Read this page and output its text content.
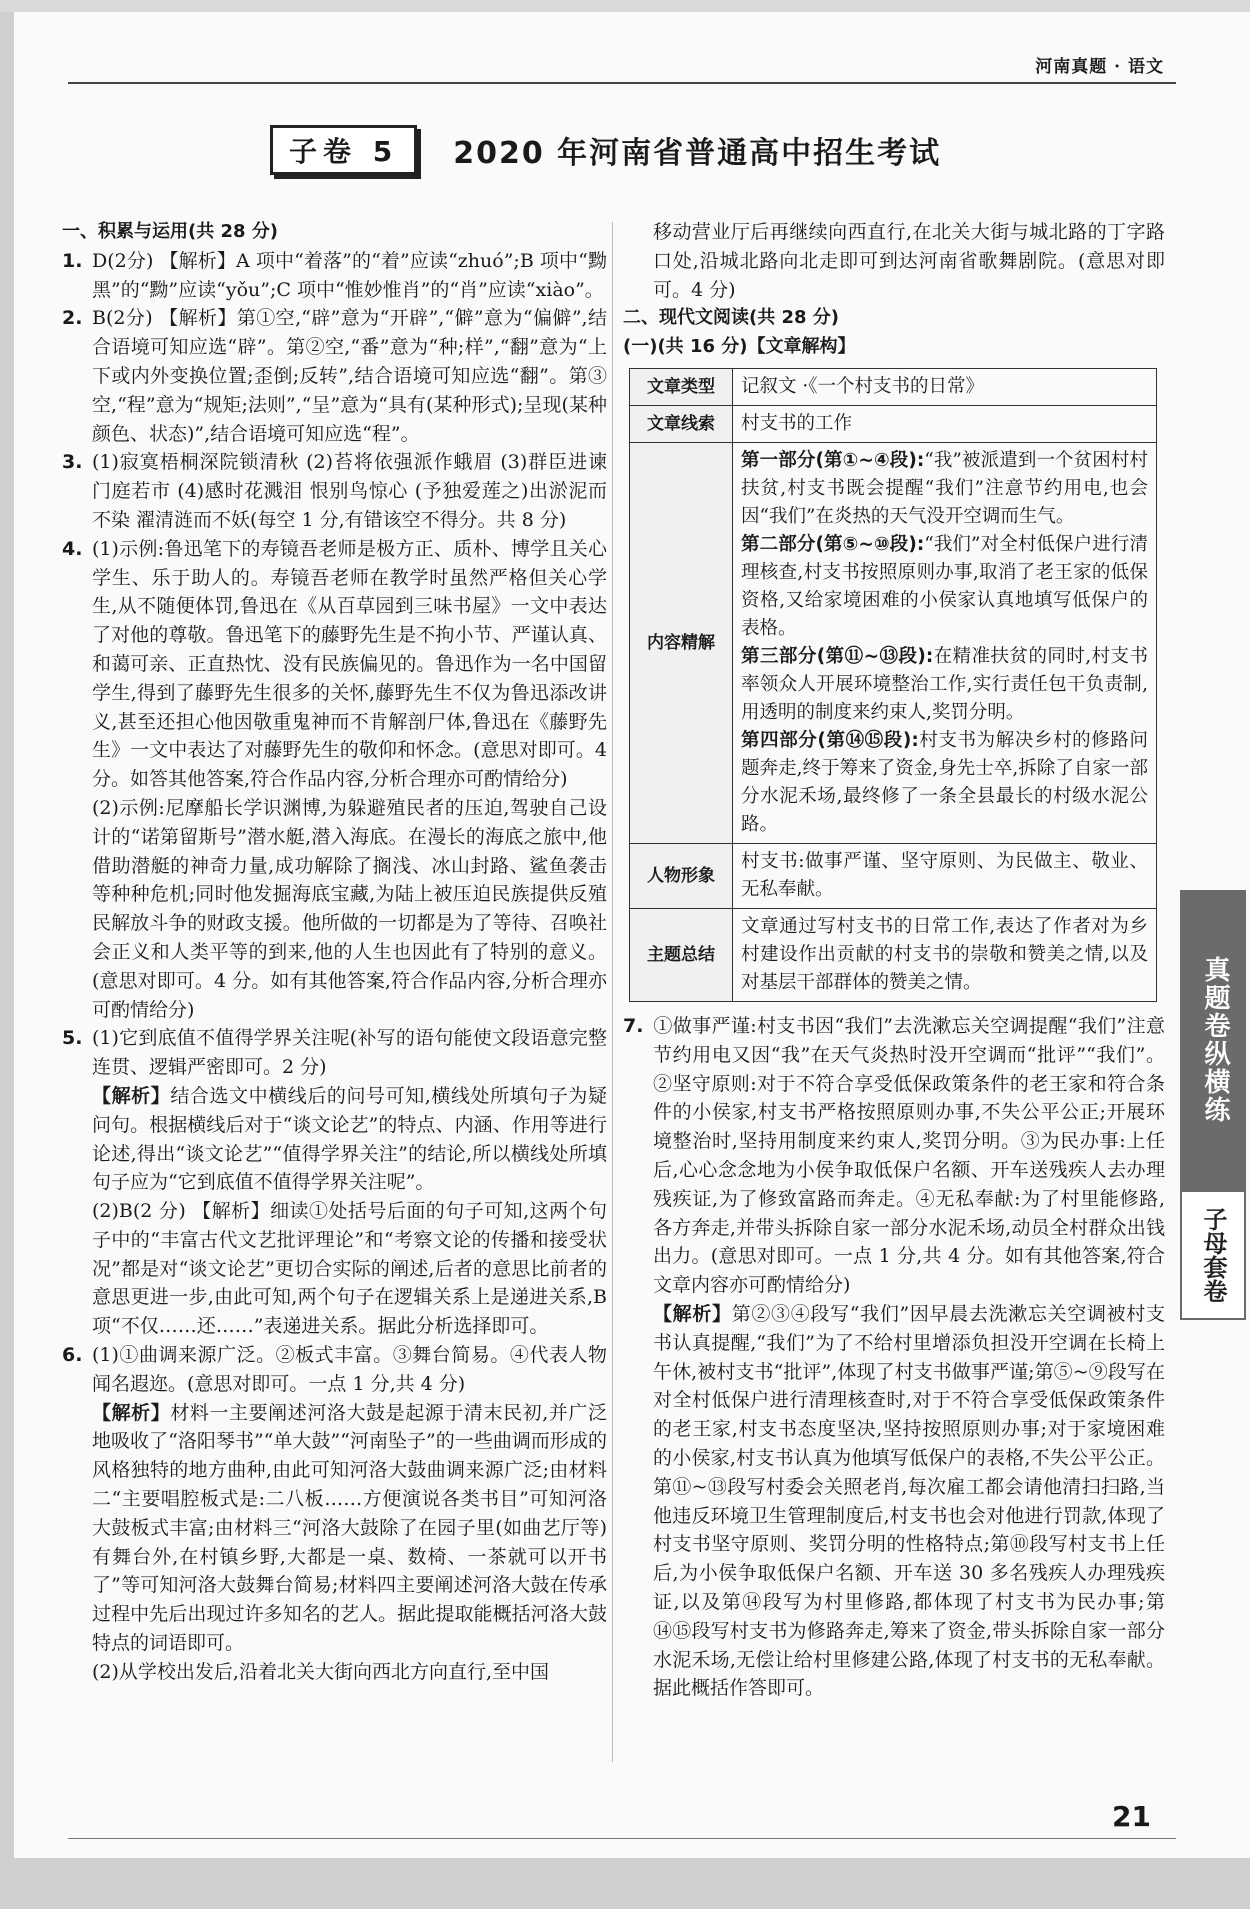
河南真题 · 语文
子卷 5	2020 年河南省普通高中招生考试

一、积累与运用(共 28 分)

1. D(2分) 【解析】A 项中“着落”的“着”应读“zhuó”;B 项中“黝黑”的“黝”应读“yǒu”;C 项中“惟妙惟肖”的“肖”应读“xiào”。

2. B(2分) 【解析】第①空,“辟”意为“开辟”,“僻”意为“偏僻”,结合语境可知应选“辟”。第②空,“番”意为“种;样”,“翻”意为“上下或内外变换位置;歪倒;反转”,结合语境可知应选“翻”。第③空,“程”意为“规矩;法则”,“呈”意为“具有(某种形式);呈现(某种颜色、状态)”,结合语境可知应选“程”。

3. (1)寂寞梧桐深院锁清秋 (2)苔将依强派作蛾眉 (3)群臣进谏 门庭若市 (4)感时花溅泪 恨别鸟惊心 (予独爱莲之)出淤泥而不染 濯清涟而不妖(每空 1 分,有错该空不得分。共 8 分)

4. (1)示例:鲁迅笔下的寿镜吾老师是极方正、质朴、博学且关心学生、乐于助人的。寿镜吾老师在教学时虽然严格但关心学生,从不随便体罚,鲁迅在《从百草园到三味书屋》一文中表达了对他的尊敬。鲁迅笔下的藤野先生是不拘小节、严谨认真、和蔼可亲、正直热忱、没有民族偏见的。鲁迅作为一名中国留学生,得到了藤野先生很多的关怀,藤野先生不仅为鲁迅添改讲义,甚至还担心他因敬重鬼神而不肯解剖尸体,鲁迅在《藤野先生》一文中表达了对藤野先生的敬仰和怀念。(意思对即可。4 分。如答其他答案,符合作品内容,分析合理亦可酌情给分)

(2)示例:尼摩船长学识渊博,为躲避殖民者的压迫,驾驶自己设计的“诺第留斯号”潜水艇,潜入海底。在漫长的海底之旅中,他借助潜艇的神奇力量,成功解除了搁浅、冰山封路、鲨鱼袭击等种种危机;同时他发掘海底宝藏,为陆上被压迫民族提供反殖民解放斗争的财政支援。他所做的一切都是为了等待、召唤社会正义和人类平等的到来,他的人生也因此有了特别的意义。(意思对即可。4 分。如有其他答案,符合作品内容,分析合理亦可酌情给分)

5. (1)它到底值不值得学界关注呢(补写的语句能使文段语意完整连贯、逻辑严密即可。2 分)

【解析】结合选文中横线后的问号可知,横线处所填句子为疑问句。根据横线后对于“谈文论艺”的特点、内涵、作用等进行论述,得出“谈文论艺”“值得学界关注”的结论,所以横线处所填句子应为“它到底值不值得学界关注呢”。

(2)B(2 分) 【解析】细读①处括号后面的句子可知,这两个句子中的“丰富古代文艺批评理论”和“考察文论的传播和接受状况”都是对“谈文论艺”更切合实际的阐述,后者的意思比前者的意思更进一步,由此可知,两个句子在逻辑关系上是递进关系,B 项“不仅……还……”表递进关系。据此分析选择即可。

6. (1)①曲调来源广泛。②板式丰富。③舞台简易。④代表人物闻名遐迩。(意思对即可。一点 1 分,共 4 分)

【解析】材料一主要阐述河洛大鼓是起源于清末民初,并广泛地吸收了“洛阳琴书”“单大鼓”“河南坠子”的一些曲调而形成的风格独特的地方曲种,由此可知河洛大鼓曲调来源广泛;由材料二“主要唱腔板式是:二八板……方便演说各类书目”可知河洛大鼓板式丰富;由材料三“河洛大鼓除了在园子里(如曲艺厅等)有舞台外,在村镇乡野,大都是一桌、数椅、一茶就可以开书了”等可知河洛大鼓舞台简易;材料四主要阐述河洛大鼓在传承过程中先后出现过许多知名的艺人。据此提取能概括河洛大鼓特点的词语即可。

(2)从学校出发后,沿着北关大街向西北方向直行,至中国

移动营业厅后再继续向西直行,在北关大街与城北路的丁字路口处,沿城北路向北走即可到达河南省歌舞剧院。(意思对即可。4 分)

二、现代文阅读(共 28 分)

(一)(共 16 分)【文章解构】

文章类型	记叙文 ·《一个村支书的日常》
文章线索	村支书的工作
内容精解	第一部分(第①~④段):“我”被派遣到一个贫困村村扶贫,村支书既会提醒“我们”注意节约用电,也会因“我们”在炎热的天气没开空调而生气。
第二部分(第⑤~⑩段):“我们”对全村低保户进行清理核查,村支书按照原则办事,取消了老王家的低保资格,又给家境困难的小侯家认真地填写低保户的表格。
第三部分(第⑪~⑬段):在精准扶贫的同时,村支书率领众人开展环境整治工作,实行责任包干负责制,用透明的制度来约束人,奖罚分明。
第四部分(第⑭⑮段):村支书为解决乡村的修路问题奔走,终于筹来了资金,身先士卒,拆除了自家一部分水泥禾场,最终修了一条全县最长的村级水泥公路。

人物形象	村支书:做事严谨、坚守原则、为民做主、敬业、无私奉献。
主题总结	文章通过写村支书的日常工作,表达了作者对为乡村建设作出贡献的村支书的崇敬和赞美之情,以及对基层干部群体的赞美之情。

7. ①做事严谨:村支书因“我们”去洗漱忘关空调提醒“我们”注意节约用电又因“我”在天气炎热时没开空调而“批评”“我们”。②坚守原则:对于不符合享受低保政策条件的老王家和符合条件的小侯家,村支书严格按照原则办事,不失公平公正;开展环境整治时,坚持用制度来约束人,奖罚分明。③为民办事:上任后,心心念念地为小侯争取低保户名额、开车送残疾人去办理残疾证,为了修致富路而奔走。④无私奉献:为了村里能修路,各方奔走,并带头拆除自家一部分水泥禾场,动员全村群众出钱出力。(意思对即可。一点 1 分,共 4 分。如有其他答案,符合文章内容亦可酌情给分)

【解析】第②③④段写“我们”因早晨去洗漱忘关空调被村支书认真提醒,“我们”为了不给村里增添负担没开空调在长椅上午休,被村支书“批评”,体现了村支书做事严谨;第⑤~⑨段写在对全村低保户进行清理核查时,对于不符合享受低保政策条件的老王家,村支书态度坚决,坚持按照原则办事;对于家境困难的小侯家,村支书认真为他填写低保户的表格,不失公平公正。第⑪~⑬段写村委会关照老肖,每次雇工都会请他清扫扫路,当他违反环境卫生管理制度后,村支书也会对他进行罚款,体现了村支书坚守原则、奖罚分明的性格特点;第⑩段写村支书上任后,为小侯争取低保户名额、开车送 30 多名残疾人办理残疾证,以及第⑭段写为村里修路,都体现了村支书为民办事;第⑭⑮段写村支书为修路奔走,筹来了资金,带头拆除自家一部分水泥禾场,无偿让给村里修建公路,体现了村支书的无私奉献。据此概括作答即可。

真题卷纵横练
子母套卷
21
